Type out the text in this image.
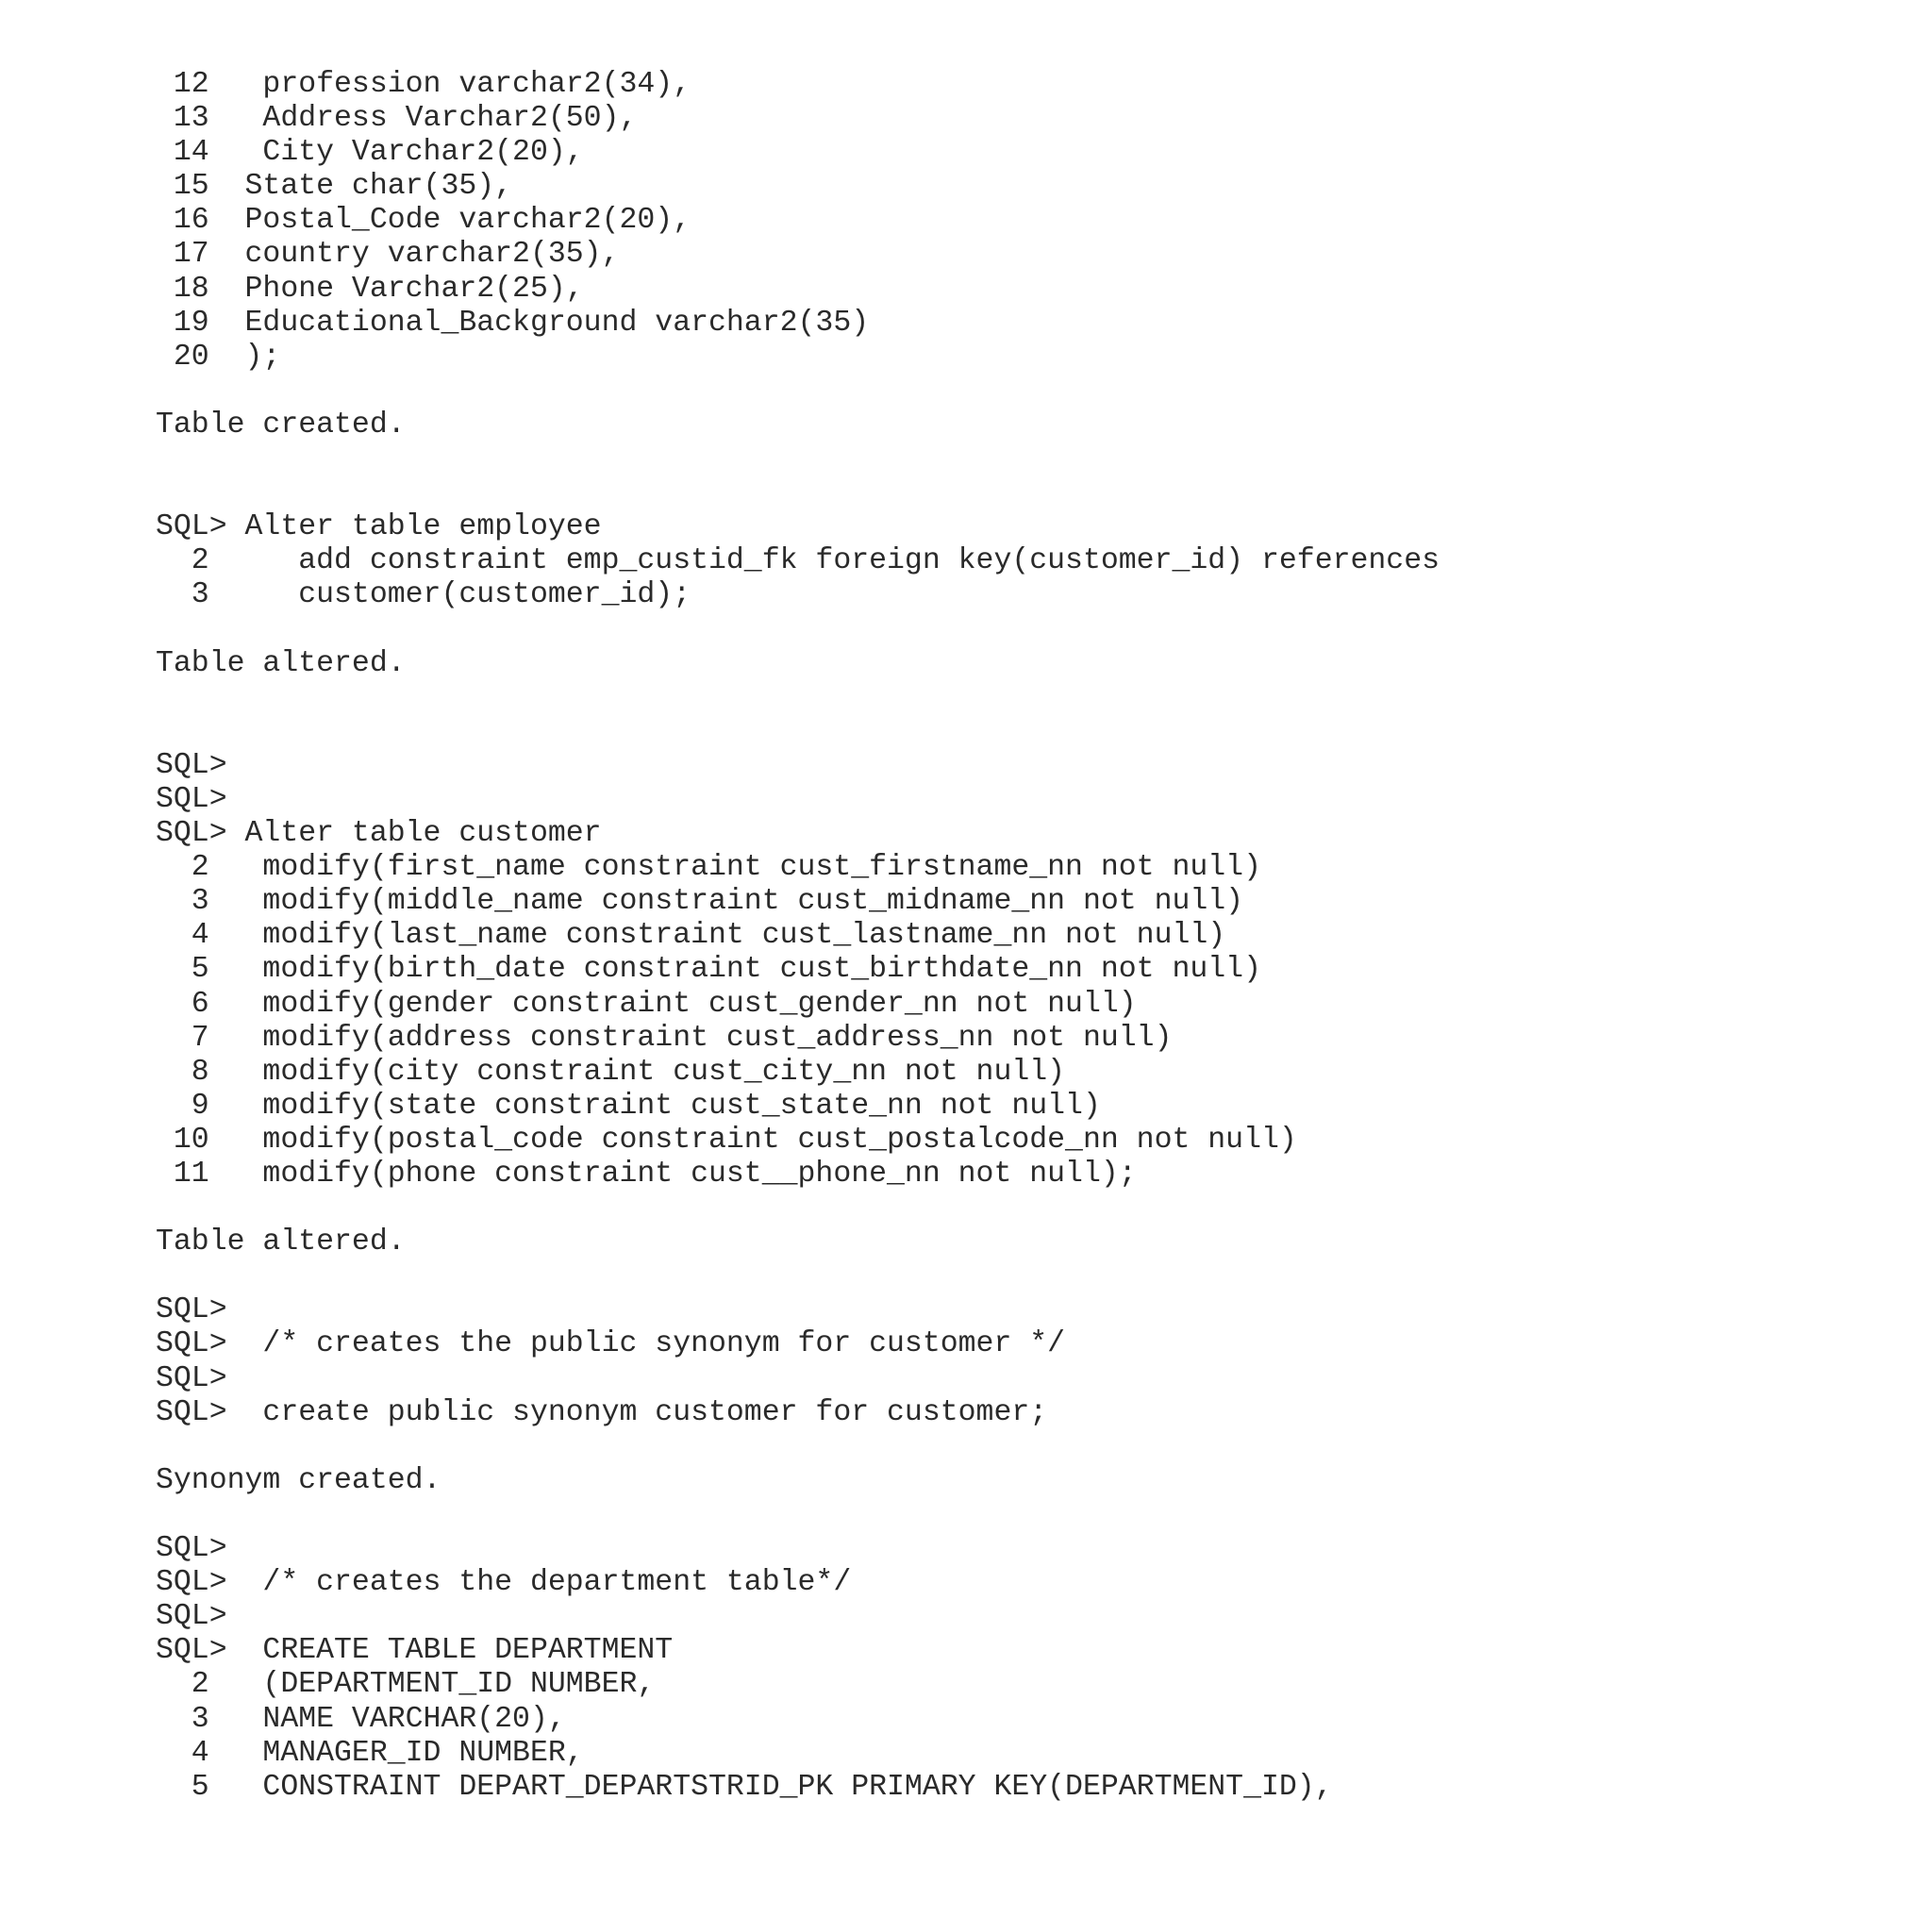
12   profession varchar2(34),
13   Address Varchar2(50),
14   City Varchar2(20),
15  State char(35),
16  Postal_Code varchar2(20),
17  country varchar2(35),
18  Phone Varchar2(25),
19  Educational_Background varchar2(35)
20  );
Table created.
SQL> Alter table employee
2     add constraint emp_custid_fk foreign key(customer_id) references
3     customer(customer_id);
Table altered.
SQL>
SQL>
SQL> Alter table customer
2   modify(first_name constraint cust_firstname_nn not null)
3   modify(middle_name constraint cust_midname_nn not null)
4   modify(last_name constraint cust_lastname_nn not null)
5   modify(birth_date constraint cust_birthdate_nn not null)
6   modify(gender constraint cust_gender_nn not null)
7   modify(address constraint cust_address_nn not null)
8   modify(city constraint cust_city_nn not null)
9   modify(state constraint cust_state_nn not null)
10   modify(postal_code constraint cust_postalcode_nn not null)
11   modify(phone constraint cust__phone_nn not null);
Table altered.
SQL>
SQL>  /* creates the public synonym for customer */
SQL>
SQL>  create public synonym customer for customer;
Synonym created.
SQL>
SQL>  /* creates the department table*/
SQL>
SQL>  CREATE TABLE DEPARTMENT
2   (DEPARTMENT_ID NUMBER,
3   NAME VARCHAR(20),
4   MANAGER_ID NUMBER,
5   CONSTRAINT DEPART_DEPARTSTRID_PK PRIMARY KEY(DEPARTMENT_ID),
